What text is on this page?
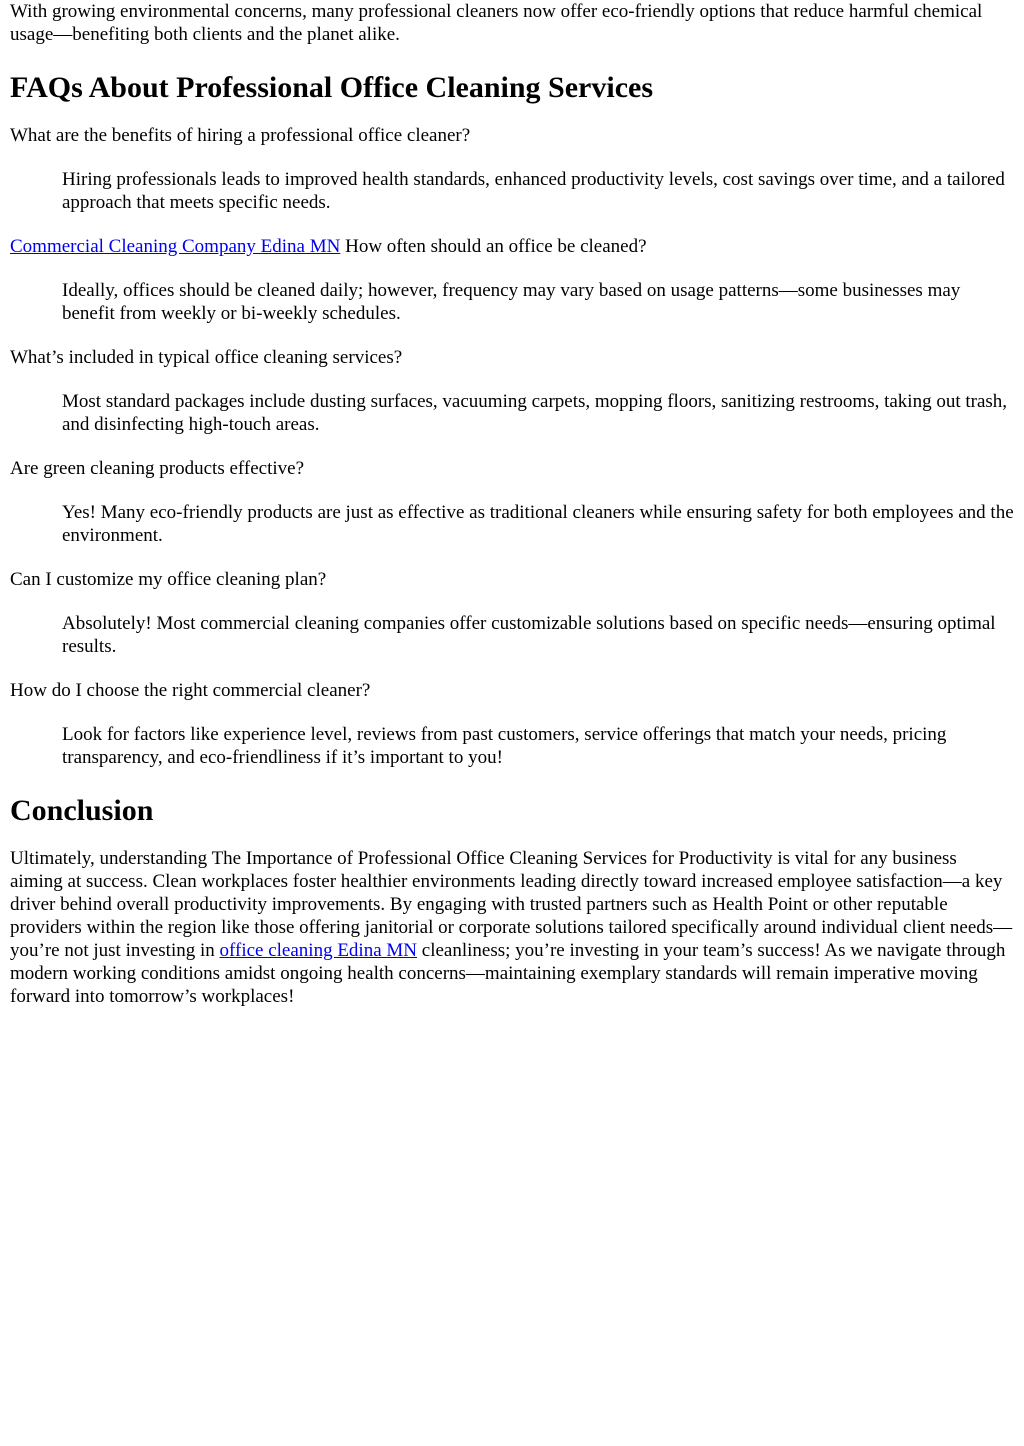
With growing environmental concerns, many professional cleaners now offer eco-friendly options that reduce harmful chemical usage—benefiting both clients and the planet alike.

FAQs About Professional Office Cleaning Services
What are the benefits of hiring a professional office cleaner?
Hiring professionals leads to improved health standards, enhanced productivity levels, cost savings over time, and a tailored approach that meets specific needs.
Commercial Cleaning Company Edina MN How often should an office be cleaned?
Ideally, offices should be cleaned daily; however, frequency may vary based on usage patterns—some businesses may benefit from weekly or bi-weekly schedules.
What’s included in typical office cleaning services?
Most standard packages include dusting surfaces, vacuuming carpets, mopping floors, sanitizing restrooms, taking out trash, and disinfecting high-touch areas.
Are green cleaning products effective?
Yes! Many eco-friendly products are just as effective as traditional cleaners while ensuring safety for both employees and the environment.
Can I customize my office cleaning plan?
Absolutely! Most commercial cleaning companies offer customizable solutions based on specific needs—ensuring optimal results.
How do I choose the right commercial cleaner?
Look for factors like experience level, reviews from past customers, service offerings that match your needs, pricing transparency, and eco-friendliness if it’s important to you!
Conclusion

Ultimately, understanding The Importance of Professional Office Cleaning Services for Productivity is vital for any business aiming at success. Clean workplaces foster healthier environments leading directly toward increased employee satisfaction—a key driver behind overall productivity improvements. By engaging with trusted partners such as Health Point or other reputable providers within the region like those offering janitorial or corporate solutions tailored specifically around individual client needs—you’re not just investing in office cleaning Edina MN cleanliness; you’re investing in your team’s success! As we navigate through modern working conditions amidst ongoing health concerns—maintaining exemplary standards will remain imperative moving forward into tomorrow’s workplaces!
